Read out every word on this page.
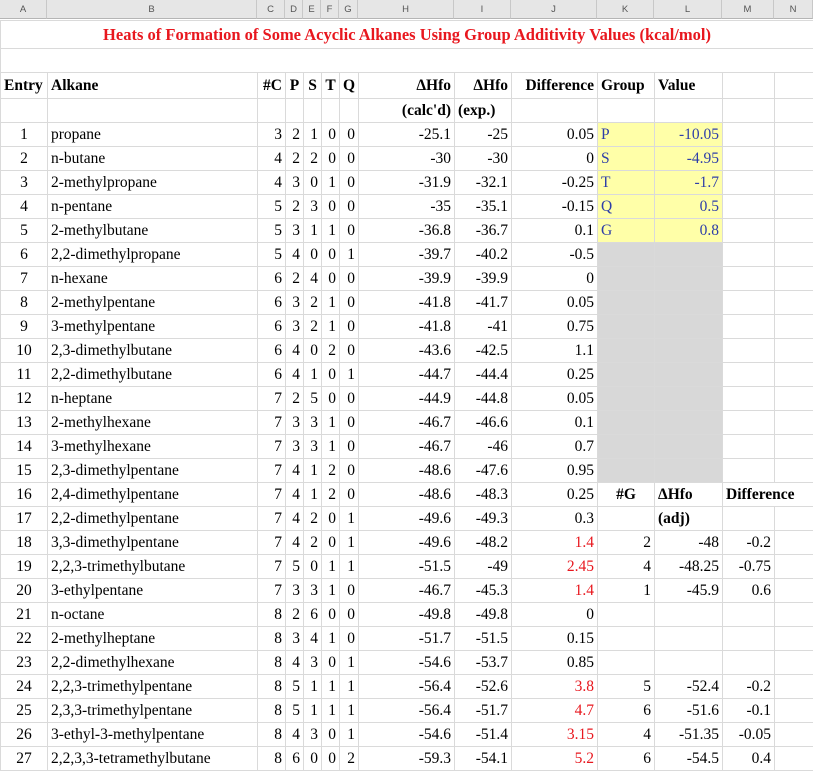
A	B	C	D	E	F	G	H	I	J	K	L	M	N
Heats of Formation of Some Acyclic Alkanes Using Group Additivity Values (kcal/mol)													

Entry	Alkane	#C	P	S	T	Q	ΔHfo	ΔHfo	Difference	Group	Value		
							(calc'd)	(exp.)					
1	propane	3	2	1	0	0	-25.1	-25	0.05	P	-10.05		
2	n-butane	4	2	2	0	0	-30	-30	0	S	-4.95		
3	2-methylpropane	4	3	0	1	0	-31.9	-32.1	-0.25	T	-1.7		
4	n-pentane	5	2	3	0	0	-35	-35.1	-0.15	Q	0.5		
5	2-methylbutane	5	3	1	1	0	-36.8	-36.7	0.1	G	0.8		
6	2,2-dimethylpropane	5	4	0	0	1	-39.7	-40.2	-0.5				
7	n-hexane	6	2	4	0	0	-39.9	-39.9	0				
8	2-methylpentane	6	3	2	1	0	-41.8	-41.7	0.05				
9	3-methylpentane	6	3	2	1	0	-41.8	-41	0.75				
10	2,3-dimethylbutane	6	4	0	2	0	-43.6	-42.5	1.1				
11	2,2-dimethylbutane	6	4	1	0	1	-44.7	-44.4	0.25				
12	n-heptane	7	2	5	0	0	-44.9	-44.8	0.05				
13	2-methylhexane	7	3	3	1	0	-46.7	-46.6	0.1				
14	3-methylhexane	7	3	3	1	0	-46.7	-46	0.7				
15	2,3-dimethylpentane	7	4	1	2	0	-48.6	-47.6	0.95				
16	2,4-dimethylpentane	7	4	1	2	0	-48.6	-48.3	0.25	#G	ΔHfo	Difference	
17	2,2-dimethylpentane	7	4	2	0	1	-49.6	-49.3	0.3		(adj)		
18	3,3-dimethylpentane	7	4	2	0	1	-49.6	-48.2	1.4	2	-48	-0.2	
19	2,2,3-trimethylbutane	7	5	0	1	1	-51.5	-49	2.45	4	-48.25	-0.75	
20	3-ethylpentane	7	3	3	1	0	-46.7	-45.3	1.4	1	-45.9	0.6	
21	n-octane	8	2	6	0	0	-49.8	-49.8	0				
22	2-methylheptane	8	3	4	1	0	-51.7	-51.5	0.15				
23	2,2-dimethylhexane	8	4	3	0	1	-54.6	-53.7	0.85				
24	2,2,3-trimethylpentane	8	5	1	1	1	-56.4	-52.6	3.8	5	-52.4	-0.2	
25	2,3,3-trimethylpentane	8	5	1	1	1	-56.4	-51.7	4.7	6	-51.6	-0.1	
26	3-ethyl-3-methylpentane	8	4	3	0	1	-54.6	-51.4	3.15	4	-51.35	-0.05	
27	2,2,3,3-tetramethylbutane	8	6	0	0	2	-59.3	-54.1	5.2	6	-54.5	0.4	
